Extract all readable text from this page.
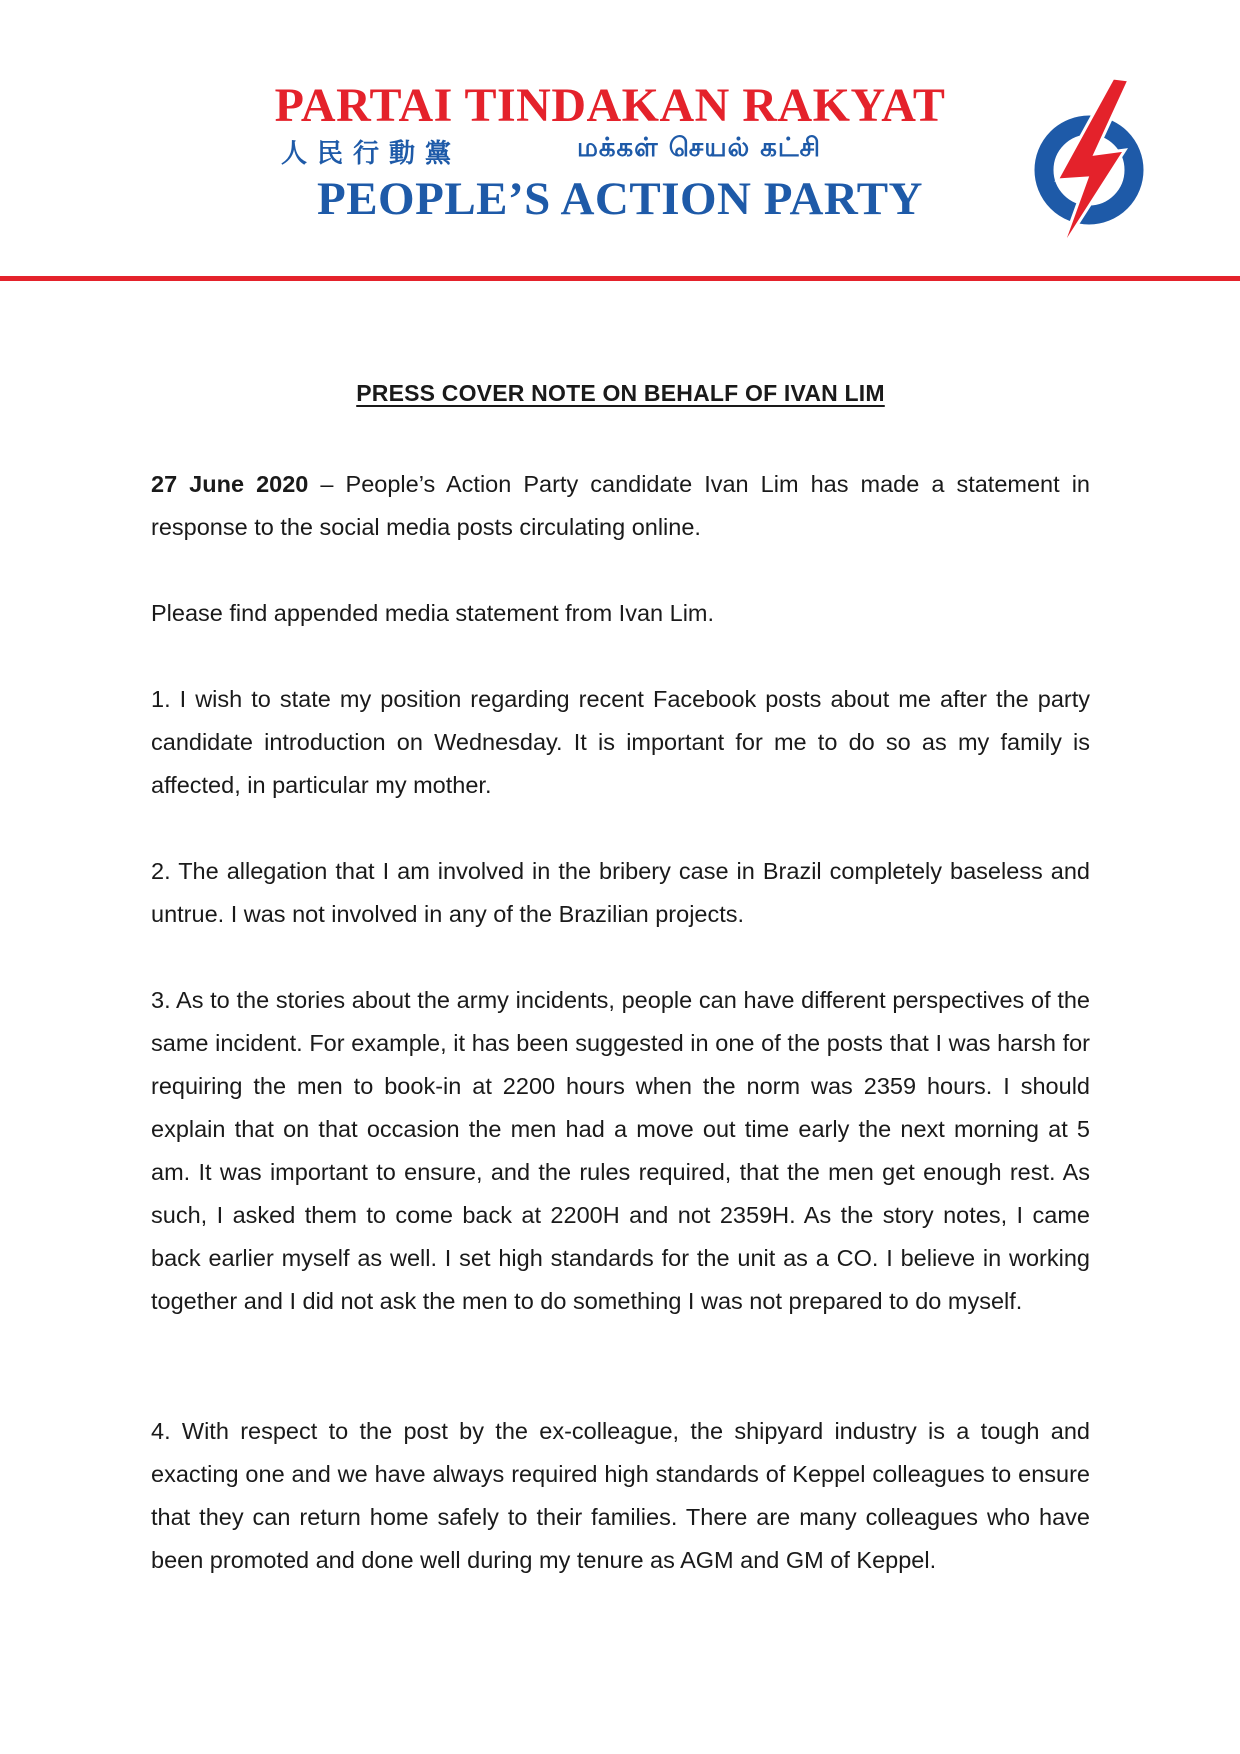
PARTAI TINDAKAN RAKYAT
人民行動黨	மக்கள் செயல் கட்சி
PEOPLE’S ACTION PARTY
PRESS COVER NOTE ON BEHALF OF IVAN LIM

27 June 2020 – People’s Action Party candidate Ivan Lim has made a statement in response to the social media posts circulating online.

Please find appended media statement from Ivan Lim.

1. I wish to state my position regarding recent Facebook posts about me after the party candidate introduction on Wednesday. It is important for me to do so as my family is affected, in particular my mother.

2. The allegation that I am involved in the bribery case in Brazil completely baseless and untrue. I was not involved in any of the Brazilian projects.

3. As to the stories about the army incidents, people can have different perspectives of the same incident. For example, it has been suggested in one of the posts that I was harsh for requiring the men to book-in at 2200 hours when the norm was 2359 hours. I should explain that on that occasion the men had a move out time early the next morning at 5 am. It was important to ensure, and the rules required, that the men get enough rest. As such, I asked them to come back at 2200H and not 2359H. As the story notes, I came back earlier myself as well. I set high standards for the unit as a CO. I believe in working together and I did not ask the men to do something I was not prepared to do myself.

4. With respect to the post by the ex-colleague, the shipyard industry is a tough and exacting one and we have always required high standards of Keppel colleagues to ensure that they can return home safely to their families. There are many colleagues who have been promoted and done well during my tenure as AGM and GM of Keppel.
